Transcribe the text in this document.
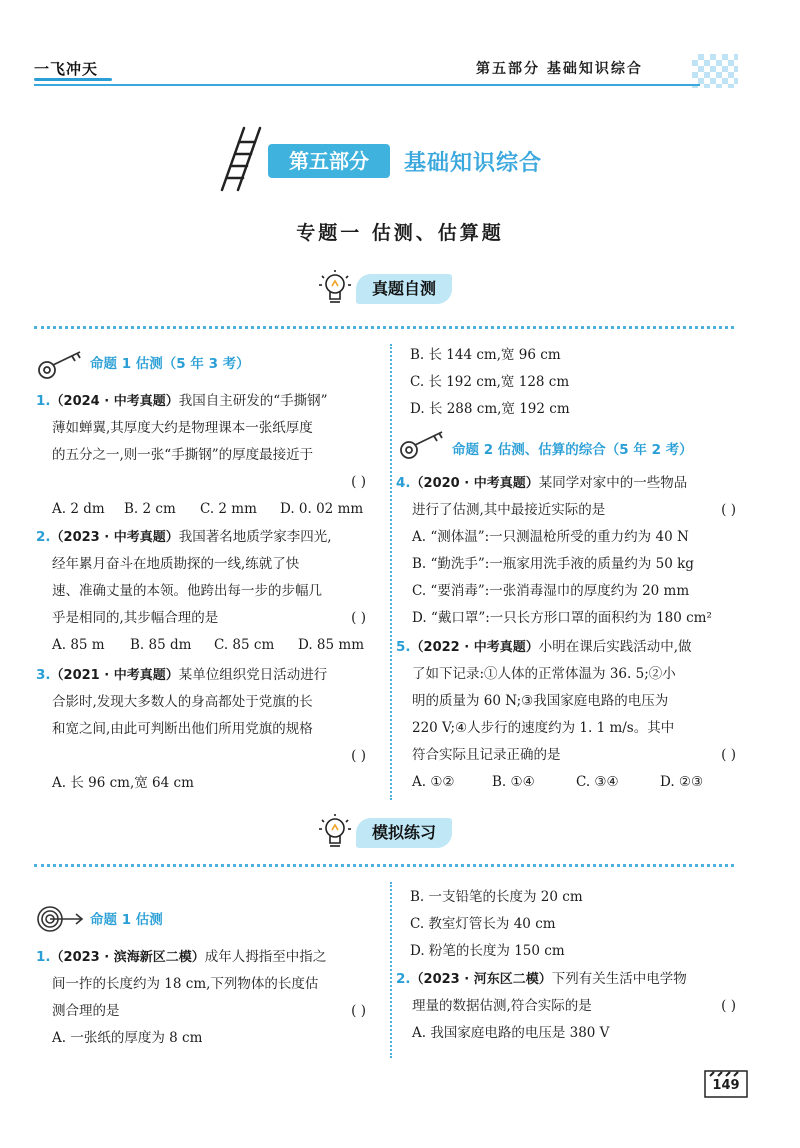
一飞冲天	第五部分 基础知识综合
第五部分	基础知识综合
专题一 估测、估算题
真题自测
命题 1 估测（5 年 3 考）
1.（2024 · 中考真题）我国自主研发的“手撕钢”
薄如蝉翼,其厚度大约是物理课本一张纸厚度
的五分之一,则一张“手撕钢”的厚度最接近于
( )
A. 2 dm B. 2 cm C. 2 mm D. 0. 02 mm
2.（2023 · 中考真题）我国著名地质学家李四光,
经年累月奋斗在地质勘探的一线,练就了快
速、准确丈量的本领。他跨出每一步的步幅几
乎是相同的,其步幅合理的是	( )
A. 85 m B. 85 dm C. 85 cm D. 85 mm
3.（2021 · 中考真题）某单位组织党日活动进行
合影时,发现大多数人的身高都处于党旗的长
和宽之间,由此可判断出他们所用党旗的规格
( )
A. 长 96 cm,宽 64 cm
B. 长 144 cm,宽 96 cm
C. 长 192 cm,宽 128 cm
D. 长 288 cm,宽 192 cm
命题 2 估测、估算的综合（5 年 2 考）
4.（2020 · 中考真题）某同学对家中的一些物品
进行了估测,其中最接近实际的是	( )
A. “测体温”:一只测温枪所受的重力约为 40 N
B. “勤洗手”:一瓶家用洗手液的质量约为 50 kg
C. “要消毒”:一张消毒湿巾的厚度约为 20 mm
D. “戴口罩”:一只长方形口罩的面积约为 180 cm²
5.（2022 · 中考真题）小明在课后实践活动中,做
了如下记录:①人体的正常体温为 36. 5;②小
明的质量为 60 N;③我国家庭电路的电压为
220 V;④人步行的速度约为 1. 1 m/s。其中
符合实际且记录正确的是	( )
A. ①②	B. ①④	C. ③④	D. ②③
模拟练习
命题 1 估测
1.（2023 · 滨海新区二模）成年人拇指至中指之
间一拃的长度约为 18 cm,下列物体的长度估
测合理的是	( )
A. 一张纸的厚度为 8 cm
B. 一支铅笔的长度为 20 cm
C. 教室灯管长为 40 cm
D. 粉笔的长度为 150 cm
2.（2023 · 河东区二模）下列有关生活中电学物
理量的数据估测,符合实际的是	( )
A. 我国家庭电路的电压是 380 V
149
